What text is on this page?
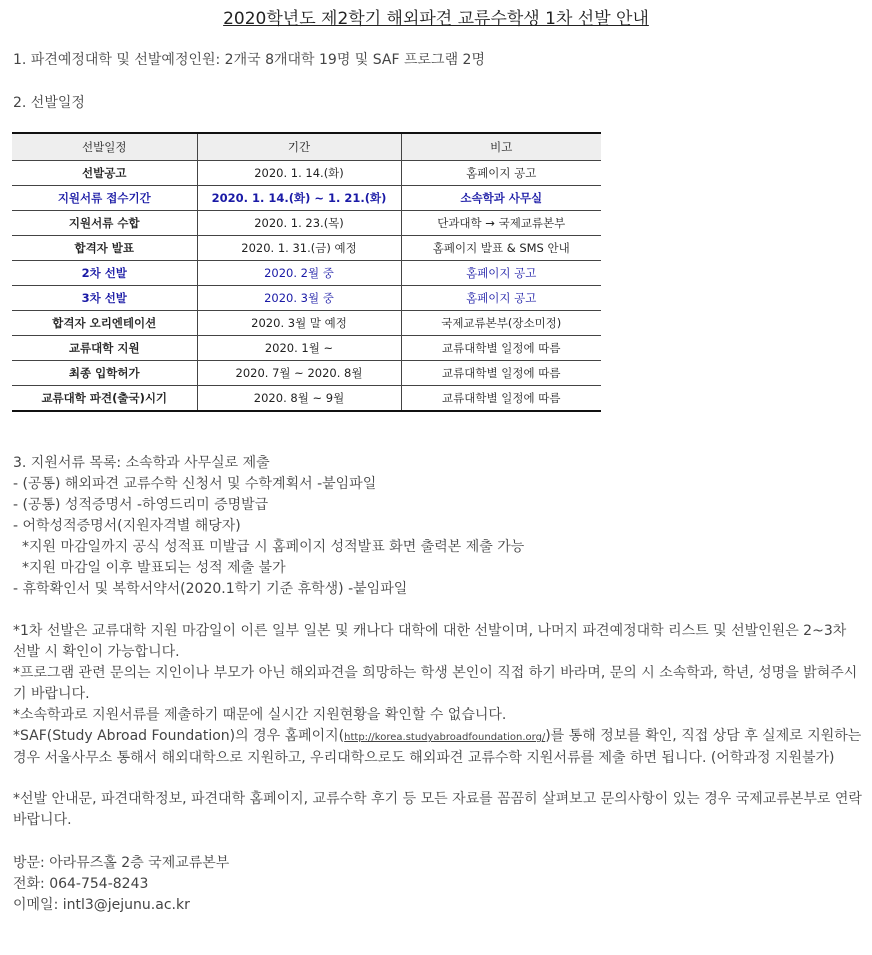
2020학년도 제2학기 해외파견 교류수학생 1차 선발 안내
1. 파견예정대학 및 선발예정인원: 2개국 8개대학 19명 및 SAF 프로그램 2명
2. 선발일정
선발일정	기간	비고
선발공고	2020. 1. 14.(화)	홈페이지 공고
지원서류 접수기간	2020. 1. 14.(화) ~ 1. 21.(화)	소속학과 사무실
지원서류 수합	2020. 1. 23.(목)	단과대학 → 국제교류본부
합격자 발표	2020. 1. 31.(금) 예정	홈페이지 발표 & SMS 안내
2차 선발	2020. 2월 중	홈페이지 공고
3차 선발	2020. 3월 중	홈페이지 공고
합격자 오리엔테이션	2020. 3월 말 예정	국제교류본부(장소미정)
교류대학 지원	2020. 1월 ~	교류대학별 일정에 따름
최종 입학허가	2020. 7월 ~ 2020. 8월	교류대학별 일정에 따름
교류대학 파견(출국)시기	2020. 8월 ~ 9월	교류대학별 일정에 따름
3. 지원서류 목록: 소속학과 사무실로 제출
- (공통) 해외파견 교류수학 신청서 및 수학계획서 -붙임파일
- (공통) 성적증명서 -하영드리미 증명발급
- 어학성적증명서(지원자격별 해당자)
*지원 마감일까지 공식 성적표 미발급 시 홈페이지 성적발표 화면 출력본 제출 가능
*지원 마감일 이후 발표되는 성적 제출 불가
- 휴학확인서 및 복학서약서(2020.1학기 기준 휴학생) -붙임파일
*1차 선발은 교류대학 지원 마감일이 이른 일부 일본 및 캐나다 대학에 대한 선발이며, 나머지 파견예정대학 리스트 및 선발인원은 2~3차 선발 시 확인이 가능합니다.
*프로그램 관련 문의는 지인이나 부모가 아닌 해외파견을 희망하는 학생 본인이 직접 하기 바라며, 문의 시 소속학과, 학년, 성명을 밝혀주시기 바랍니다.
*소속학과로 지원서류를 제출하기 때문에 실시간 지원현황을 확인할 수 없습니다.
*SAF(Study Abroad Foundation)의 경우 홈페이지(http://korea.studyabroadfoundation.org/)를 통해 정보를 확인, 직접 상담 후 실제로 지원하는 경우 서울사무소 통해서 해외대학으로 지원하고, 우리대학으로도 해외파견 교류수학 지원서류를 제출 하면 됩니다. (어학과정 지원불가)
*선발 안내문, 파견대학정보, 파견대학 홈페이지, 교류수학 후기 등 모든 자료를 꼼꼼히 살펴보고 문의사항이 있는 경우 국제교류본부로 연락바랍니다.
방문: 아라뮤즈홀 2층 국제교류본부
전화: 064-754-8243
이메일: intl3@jejunu.ac.kr
